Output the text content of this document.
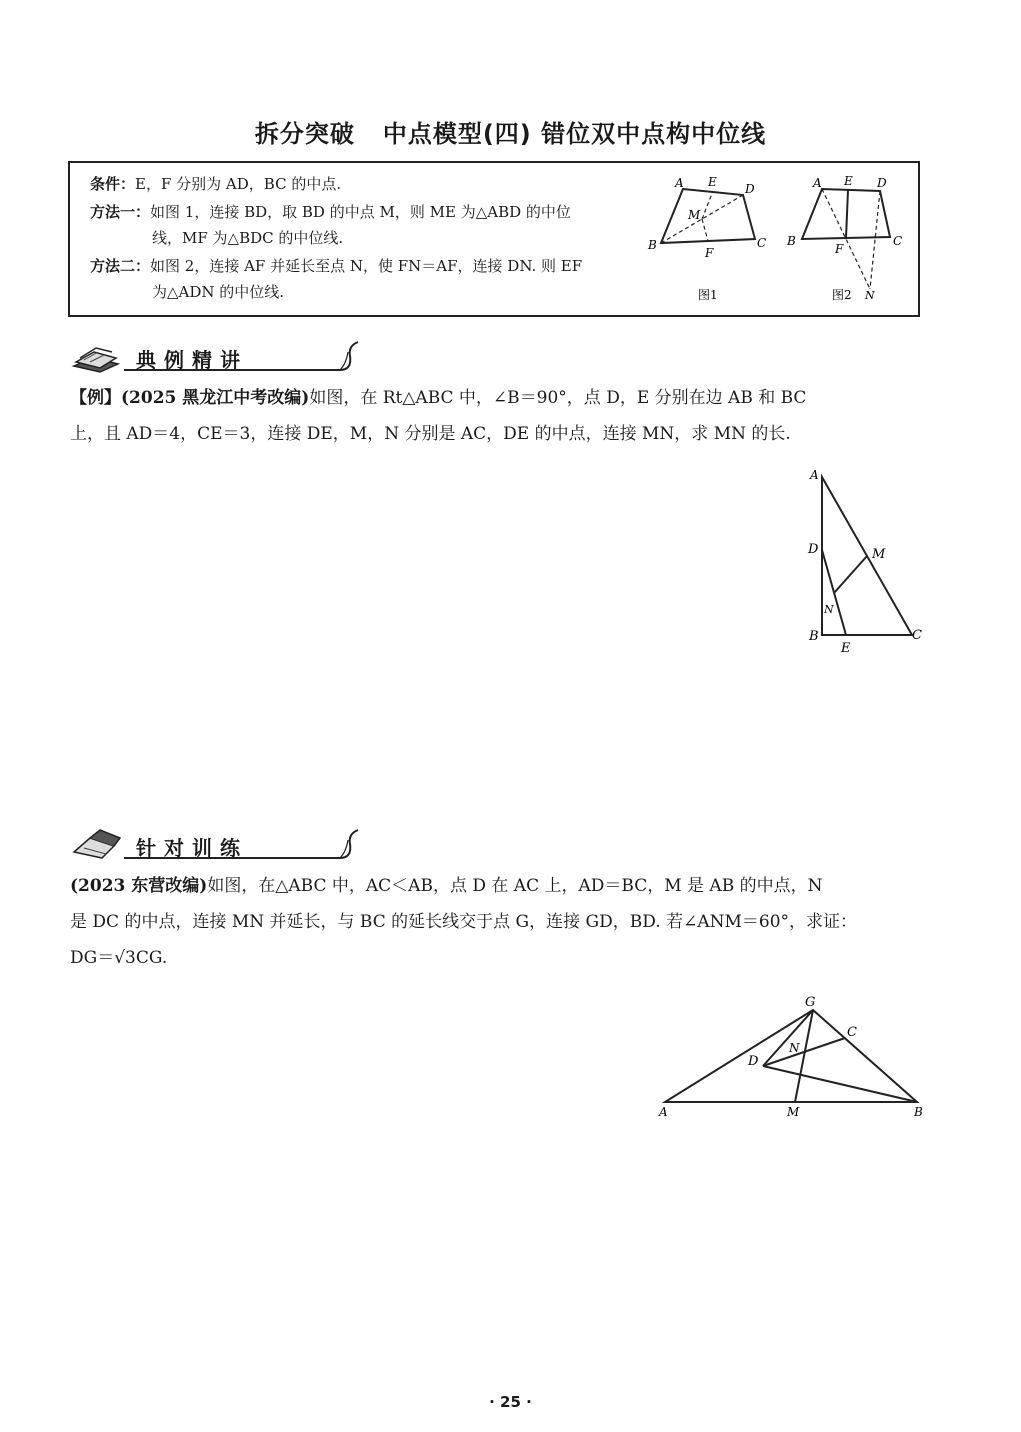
拆分突破 中点模型(四) 错位双中点构中位线
条件：E，F 分别为 AD，BC 的中点.
方法一：如图 1，连接 BD，取 BD 的中点 M，则 ME 为△ABD 的中位
线，MF 为△BDC 的中位线.
方法二：如图 2，连接 AF 并延长至点 N，使 FN＝AF，连接 DN. 则 EF
为△ADN 的中位线.
A E D
M
B
F
C
图1
A E D
B
F
C
N
图2
典例精讲
【例】(2025 黑龙江中考改编)如图，在 Rt△ABC 中，∠B＝90°，点 D，E 分别在边 AB 和 BC
上，且 AD＝4，CE＝3，连接 DE，M，N 分别是 AC，DE 的中点，连接 MN，求 MN 的长.
A
D	M
N
B
E
C
针对训练
(2023 东营改编)如图，在△ABC 中，AC＜AB，点 D 在 AC 上，AD＝BC，M 是 AB 的中点，N
是 DC 的中点，连接 MN 并延长，与 BC 的延长线交于点 G，连接 GD，BD. 若∠ANM＝60°，求证：
DG＝√3CG.
G
C
N
D
A	M	B
· 25 ·
